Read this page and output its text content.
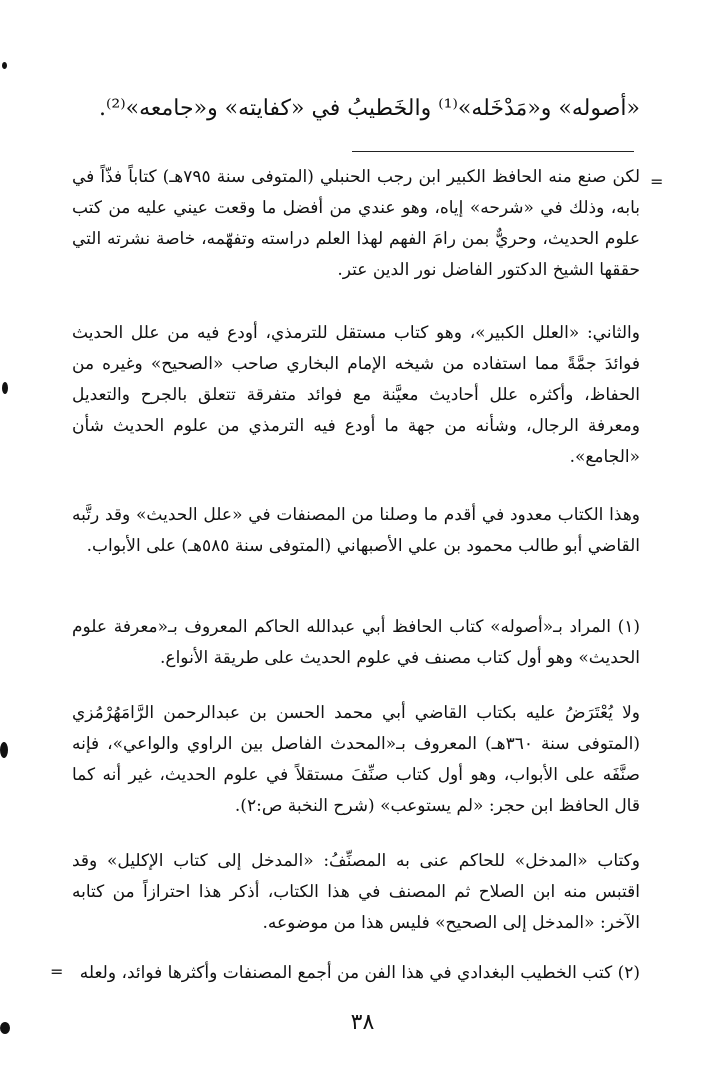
«أصوله» و«مَدْخَله»⁽¹⁾ والخَطيبُ في «كفايته» و«جامعه»⁽²⁾.
=

لكن صنع منه الحافظ الكبير ابن رجب الحنبلي (المتوفى سنة ٧٩٥هـ) كتاباً فذّاً في بابه، وذلك في «شرحه» إياه، وهو عندي من أفضل ما وقعت عيني عليه من كتب علوم الحديث، وحريٌّ بمن رامَ الفهم لهذا العلم دراسته وتفهّمه، خاصة نشرته التي حققها الشيخ الدكتور الفاضل نور الدين عتر.

والثاني: «العلل الكبير»، وهو كتاب مستقل للترمذي، أودع فيه من علل الحديث فوائدَ جمَّةً مما استفاده من شيخه الإمام البخاري صاحب «الصحيح» وغيره من الحفاظ، وأكثره علل أحاديث معيَّنة مع فوائد متفرقة تتعلق بالجرح والتعديل ومعرفة الرجال، وشأنه من جهة ما أودع فيه الترمذي من علوم الحديث شأن «الجامع».

وهذا الكتاب معدود في أقدم ما وصلنا من المصنفات في «علل الحديث» وقد رتَّبه القاضي أبو طالب محمود بن علي الأصبهاني (المتوفى سنة ٥٨٥هـ) على الأبواب.

(١) المراد بـ«أصوله» كتاب الحافظ أبي عبدالله الحاكم المعروف بـ«معرفة علوم الحديث» وهو أول كتاب مصنف في علوم الحديث على طريقة الأنواع.

ولا يُعْتَرَضُ عليه بكتاب القاضي أبي محمد الحسن بن عبدالرحمن الرَّامَهُرْمُزي (المتوفى سنة ٣٦٠هـ) المعروف بـ«المحدث الفاصل بين الراوي والواعي»، فإنه صنَّفَه على الأبواب، وهو أول كتاب صنِّفَ مستقلاً في علوم الحديث، غير أنه كما قال الحافظ ابن حجر: «لم يستوعب» (شرح النخبة ص:٢).

وكتاب «المدخل» للحاكم عنى به المصنِّفُ: «المدخل إلى كتاب الإكليل» وقد اقتبس منه ابن الصلاح ثم المصنف في هذا الكتاب، أذكر هذا احترازاً من كتابه الآخر: «المدخل إلى الصحيح» فليس هذا من موضوعه.

(٢) كتب الخطيب البغدادي في هذا الفن من أجمع المصنفات وأكثرها فوائد، ولعله

=
٣٨
